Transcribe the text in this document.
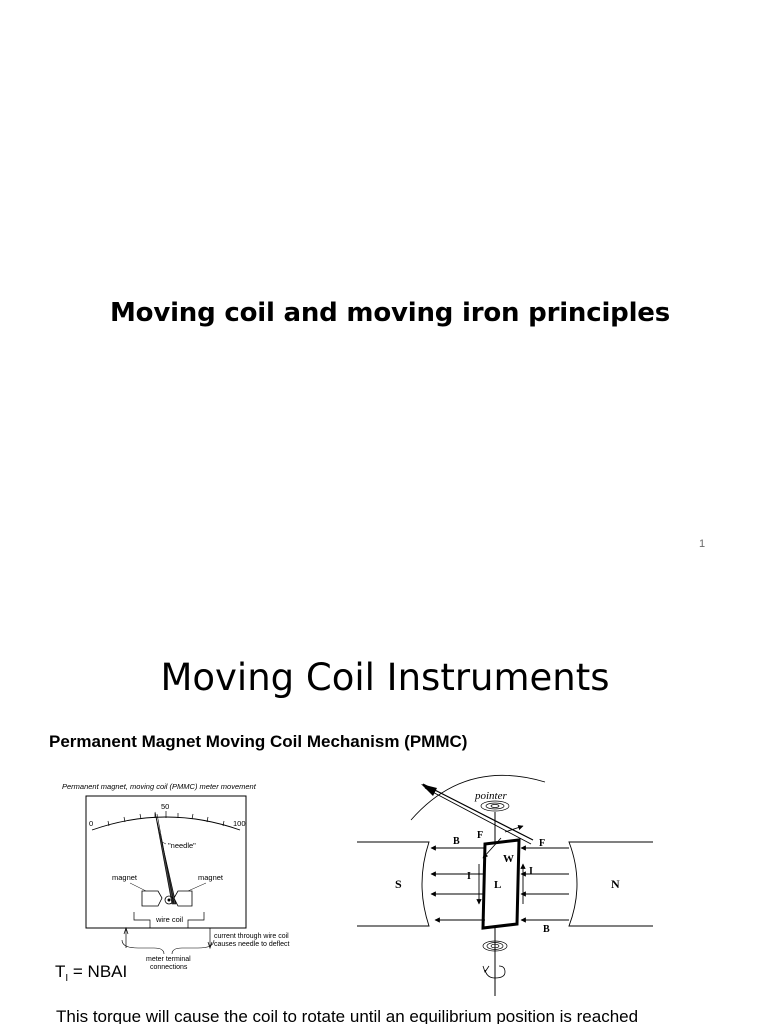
Moving coil and moving iron principles
1
Moving Coil Instruments
Permanent Magnet Moving Coil Mechanism (PMMC)
Permanent magnet, moving coil (PMMC) meter movement
0
50
100
"needle"
magnet	magnet
wire coil
current through wire coil
causes needle to deflect
meter terminal
connections
S	N
pointer
W
L
B
B
F
F
I	I
$T_I$ = NBAI
This torque will cause the coil to rotate until an equilibrium position is reached
